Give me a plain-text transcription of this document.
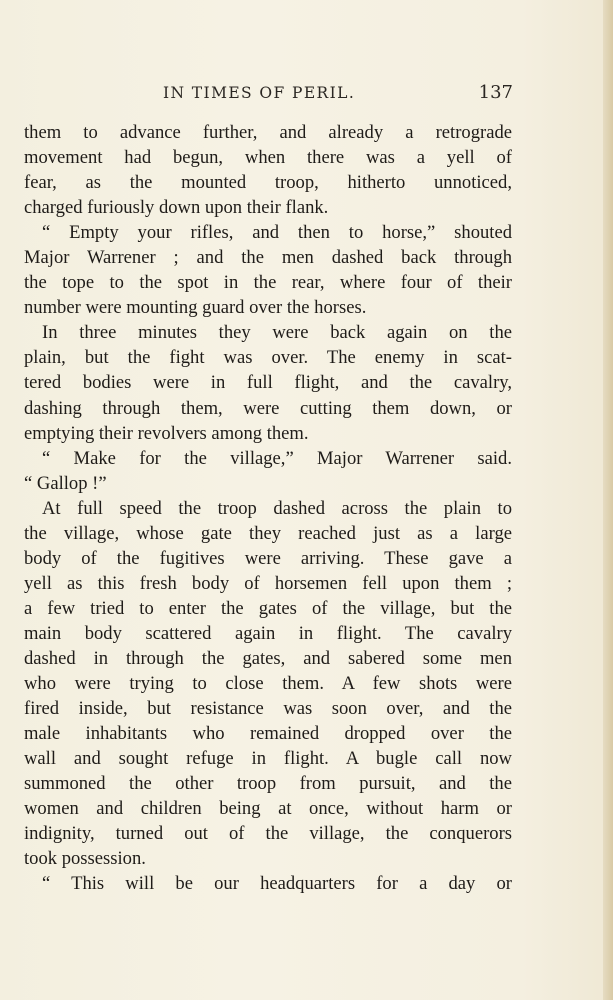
IN TIMES OF PERIL.	137
them to advance further, and already a retrograde
movement had begun, when there was a yell of
fear, as the mounted troop, hitherto unnoticed,
charged furiously down upon their flank.
“ Empty your rifles, and then to horse,” shouted
Major Warrener ; and the men dashed back through
the tope to the spot in the rear, where four of their
number were mounting guard over the horses.
In three minutes they were back again on the
plain, but the fight was over. The enemy in scat-
tered bodies were in full flight, and the cavalry,
dashing through them, were cutting them down, or
emptying their revolvers among them.
“ Make for the village,” Major Warrener said.
“ Gallop !”
At full speed the troop dashed across the plain to
the village, whose gate they reached just as a large
body of the fugitives were arriving. These gave a
yell as this fresh body of horsemen fell upon them ;
a few tried to enter the gates of the village, but the
main body scattered again in flight. The cavalry
dashed in through the gates, and sabered some men
who were trying to close them. A few shots were
fired inside, but resistance was soon over, and the
male inhabitants who remained dropped over the
wall and sought refuge in flight. A bugle call now
summoned the other troop from pursuit, and the
women and children being at once, without harm or
indignity, turned out of the village, the conquerors
took possession.
“ This will be our headquarters for a day or
